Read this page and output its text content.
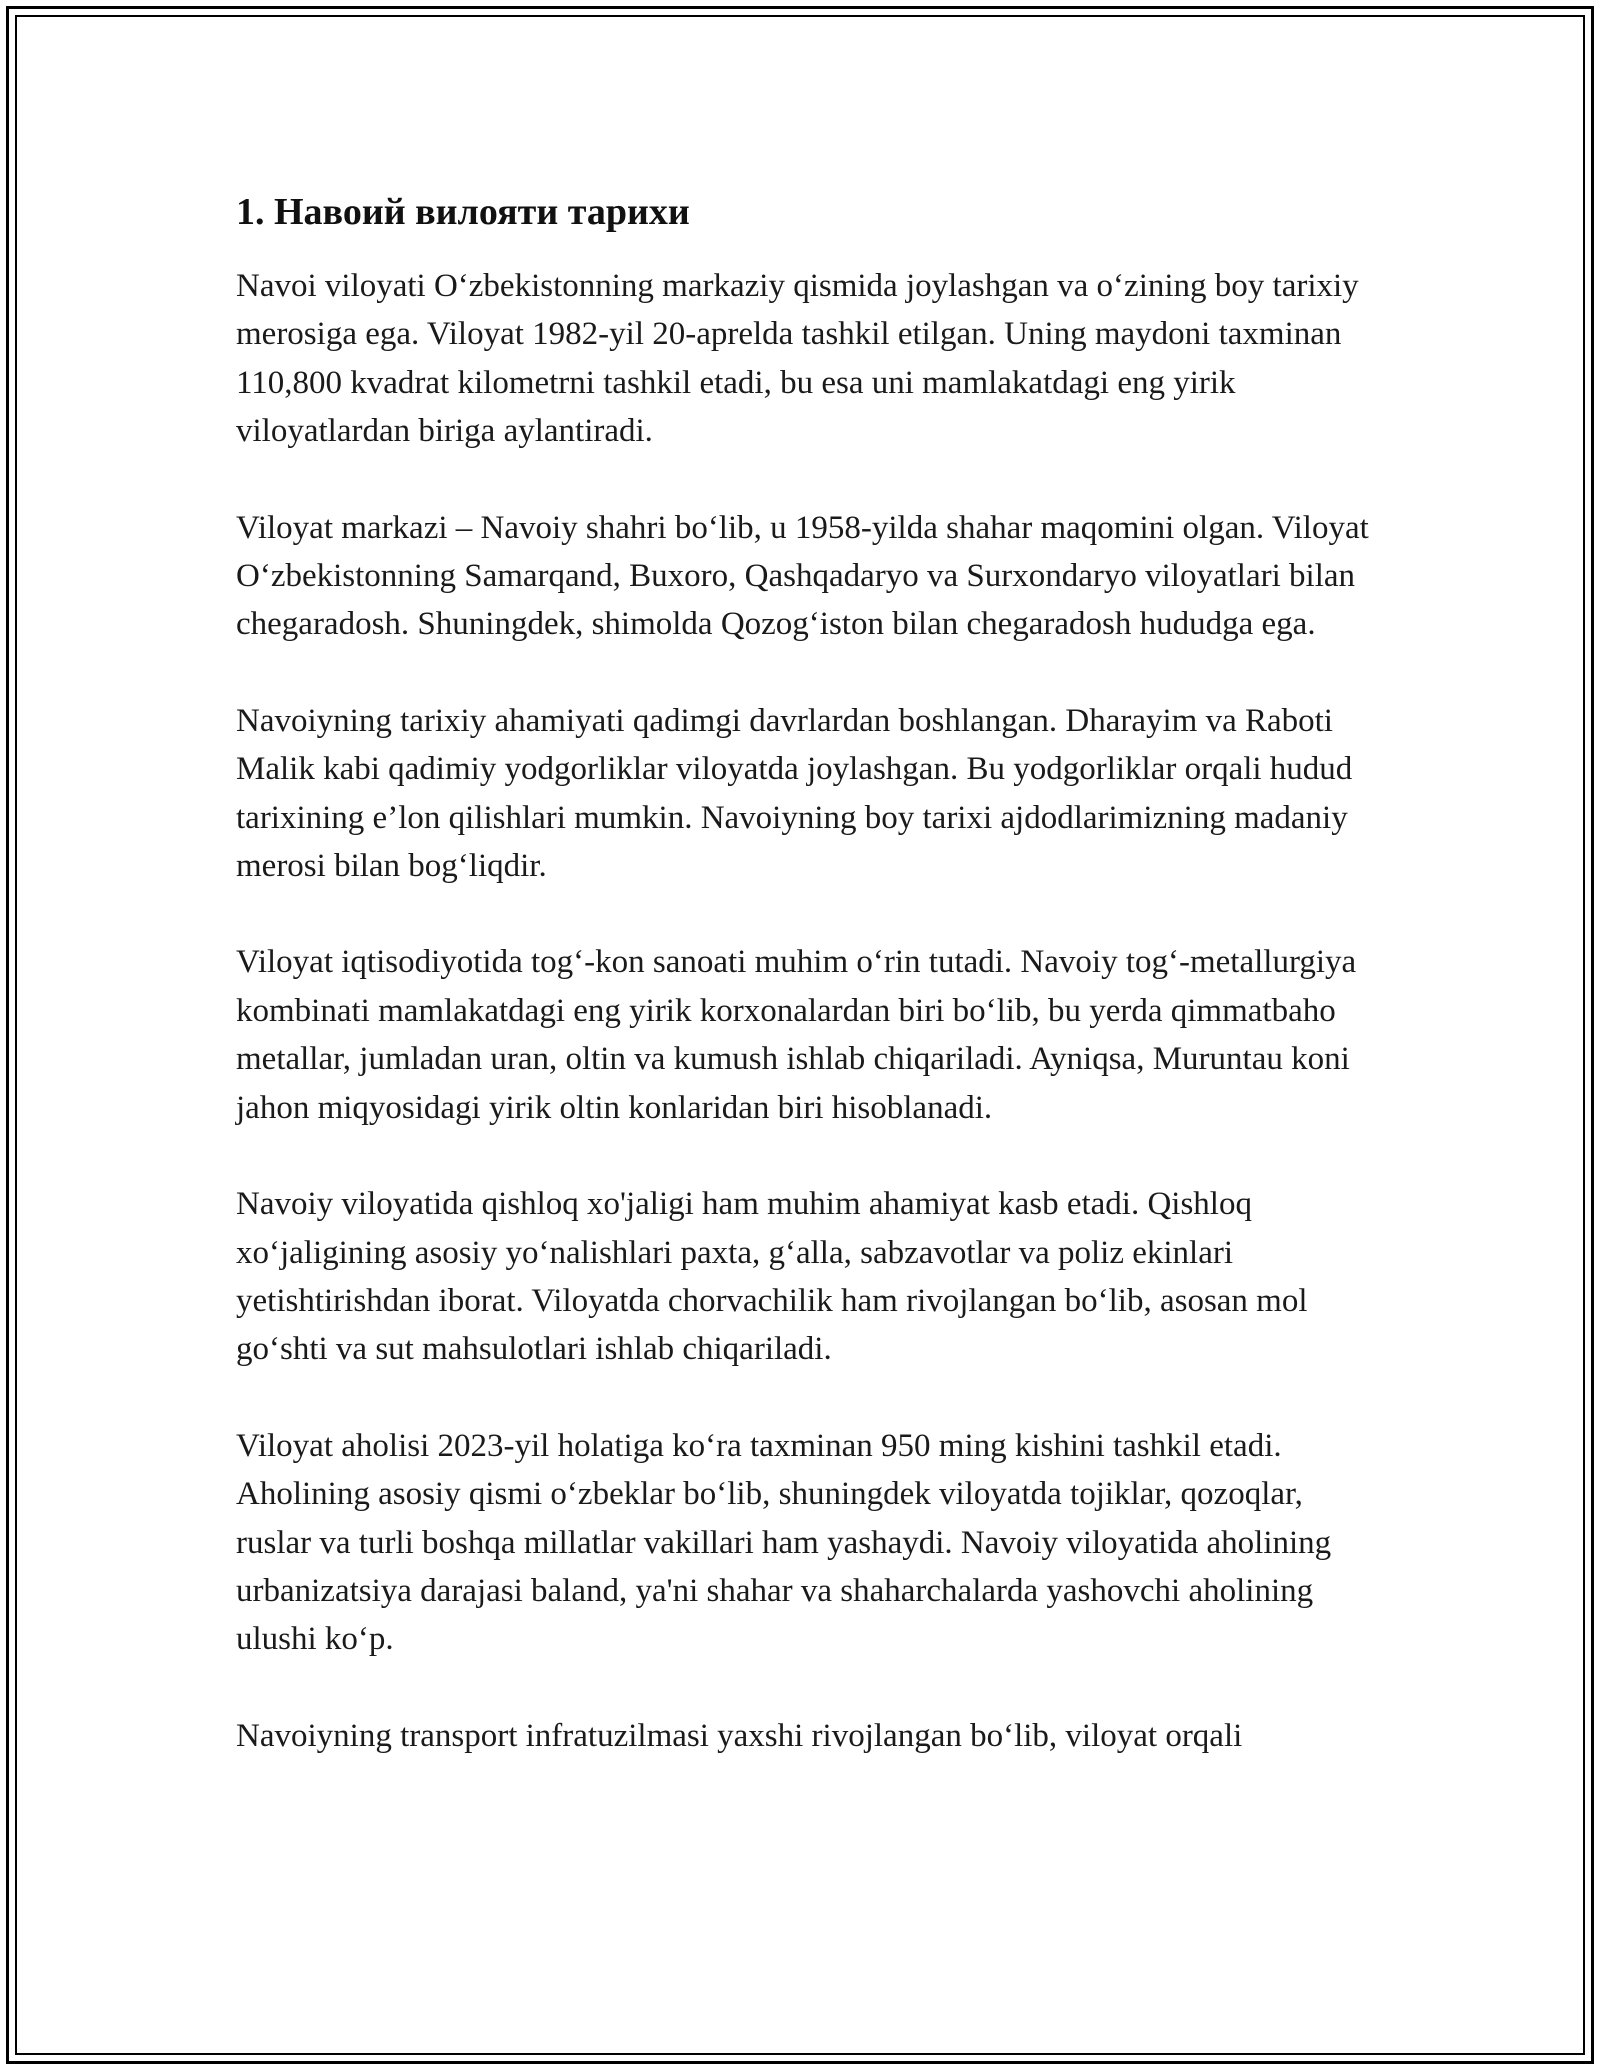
1. Навоий вилояти тарихи

Navoi viloyati O‘zbekistonning markaziy qismida joylashgan va o‘zining boy tarixiy merosiga ega. Viloyat 1982-yil 20-aprelda tashkil etilgan. Uning maydoni taxminan 110,800 kvadrat kilometrni tashkil etadi, bu esa uni mamlakatdagi eng yirik viloyatlardan biriga aylantiradi.

Viloyat markazi – Navoiy shahri bo‘lib, u 1958-yilda shahar maqomini olgan. Viloyat O‘zbekistonning Samarqand, Buxoro, Qashqadaryo va Surxondaryo viloyatlari bilan chegaradosh. Shuningdek, shimolda Qozog‘iston bilan chegaradosh hududga ega.

Navoiyning tarixiy ahamiyati qadimgi davrlardan boshlangan. Dharayim va Raboti Malik kabi qadimiy yodgorliklar viloyatda joylashgan. Bu yodgorliklar orqali hudud tarixining e’lon qilishlari mumkin. Navoiyning boy tarixi ajdodlarimizning madaniy merosi bilan bog‘liqdir.

Viloyat iqtisodiyotida tog‘-kon sanoati muhim o‘rin tutadi. Navoiy tog‘-metallurgiya kombinati mamlakatdagi eng yirik korxonalardan biri bo‘lib, bu yerda qimmatbaho metallar, jumladan uran, oltin va kumush ishlab chiqariladi. Ayniqsa, Muruntau koni jahon miqyosidagi yirik oltin konlaridan biri hisoblanadi.

Navoiy viloyatida qishloq xo'jaligi ham muhim ahamiyat kasb etadi. Qishloq xo‘jaligining asosiy yo‘nalishlari paxta, g‘alla, sabzavotlar va poliz ekinlari yetishtirishdan iborat. Viloyatda chorvachilik ham rivojlangan bo‘lib, asosan mol go‘shti va sut mahsulotlari ishlab chiqariladi.

Viloyat aholisi 2023-yil holatiga ko‘ra taxminan 950 ming kishini tashkil etadi. Aholining asosiy qismi o‘zbeklar bo‘lib, shuningdek viloyatda tojiklar, qozoqlar, ruslar va turli boshqa millatlar vakillari ham yashaydi. Navoiy viloyatida aholining urbanizatsiya darajasi baland, ya'ni shahar va shaharchalarda yashovchi aholining ulushi ko‘p.

Navoiyning transport infratuzilmasi yaxshi rivojlangan bo‘lib, viloyat orqali
